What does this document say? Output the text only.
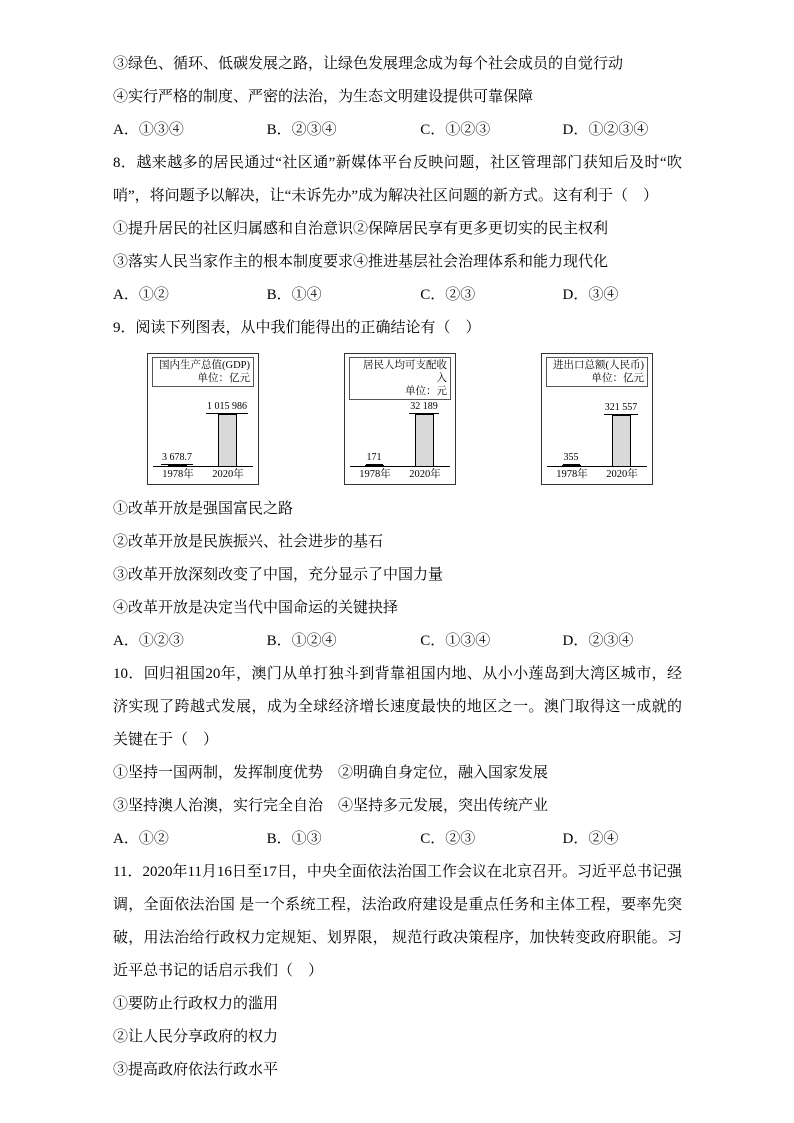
③绿色、循环、低碳发展之路，让绿色发展理念成为每个社会成员的自觉行动

④实行严格的制度、严密的法治，为生态文明建设提供可靠保障

A．①③④	B．②③④	C．①②③	D．①②③④

8．越来越多的居民通过“社区通”新媒体平台反映问题，社区管理部门获知后及时“吹哨”，将问题予以解决，让“未诉先办”成为解决社区问题的新方式。这有利于（　）

①提升居民的社区归属感和自治意识②保障居民享有更多更切实的民主权利

③落实人民当家作主的根本制度要求④推进基层社会治理体系和能力现代化

A．①②	B．①④	C．②③	D．③④

9．阅读下列图表，从中我们能得出的正确结论有（　）

国内生产总值(GDP)
单位：亿元
3 678.7
1 015 986
1978年	2020年
居民人均可支配收入
单位：元
171
32 189
1978年	2020年
进出口总额(人民币)
单位：亿元
355
321 557
1978年	2020年

①改革开放是强国富民之路

②改革开放是民族振兴、社会进步的基石

③改革开放深刻改变了中国，充分显示了中国力量

④改革开放是决定当代中国命运的关键抉择

A．①②③	B．①②④	C．①③④	D．②③④

10．回归祖国20年，澳门从单打独斗到背靠祖国内地、从小小莲岛到大湾区城市，经济实现了跨越式发展，成为全球经济增长速度最快的地区之一。澳门取得这一成就的关键在于（　）

①坚持一国两制，发挥制度优势　②明确自身定位，融入国家发展

③坚持澳人治澳，实行完全自治　④坚持多元发展，突出传统产业

A．①②	B．①③	C．②③	D．②④

11．2020年11月16日至17日，中央全面依法治国工作会议在北京召开。习近平总书记强调，全面依法治国 是一个系统工程，法治政府建设是重点任务和主体工程，要率先突破，用法治给行政权力定规矩、划界限， 规范行政决策程序，加快转变政府职能。习近平总书记的话启示我们（　）

①要防止行政权力的滥用

②让人民分享政府的权力

③提高政府依法行政水平
